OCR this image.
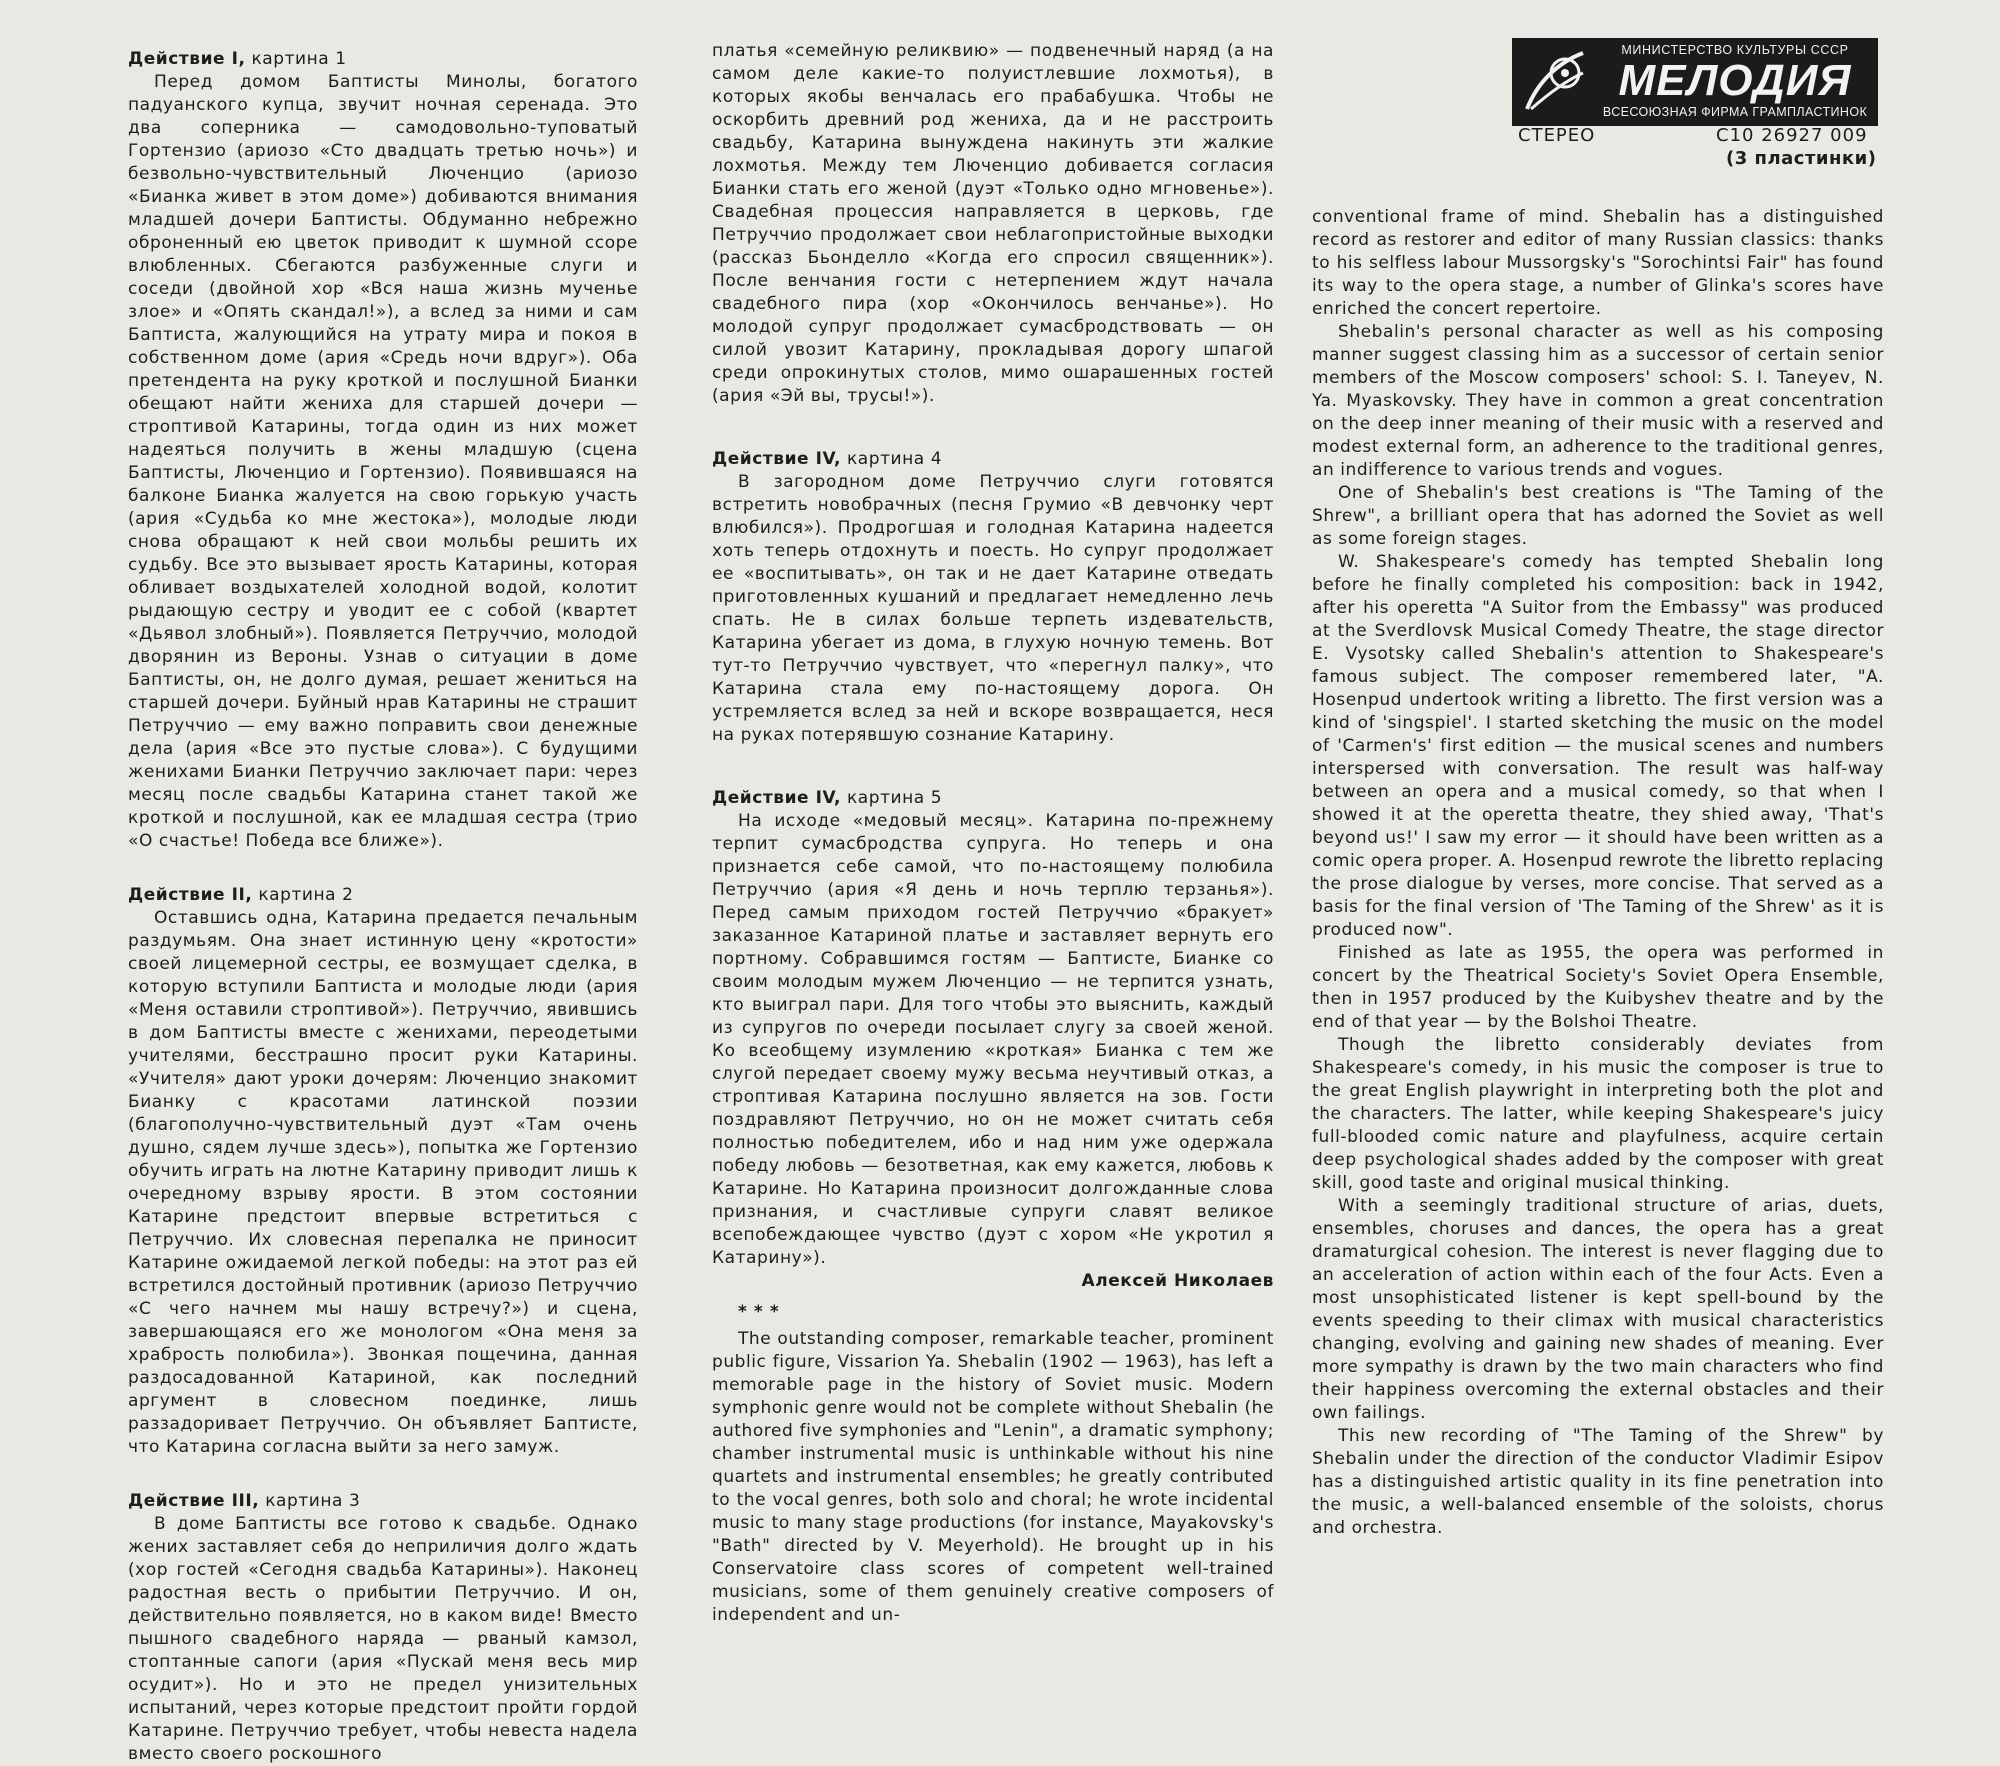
Действие I, картина 1

Перед домом Баптисты Минолы, богатого падуанского купца, звучит ночная серенада. Это два соперника — самодовольно-туповатый Гортензио (ариозо «Сто двадцать третью ночь») и безвольно-чувствительный Люченцио (ариозо «Бианка живет в этом доме») добиваются внимания младшей дочери Баптисты. Обдуманно небрежно оброненный ею цветок приводит к шумной ссоре влюбленных. Сбегаются разбуженные слуги и соседи (двойной хор «Вся наша жизнь мученье злое» и «Опять скандал!»), а вслед за ними и сам Баптиста, жалующийся на утрату мира и покоя в собственном доме (ария «Средь ночи вдруг»). Оба претендента на руку кроткой и послушной Бианки обещают найти жениха для старшей дочери — строптивой Катарины, тогда один из них может надеяться получить в жены младшую (сцена Баптисты, Люченцио и Гортензио). Появившаяся на балконе Бианка жалуется на свою горькую участь (ария «Судьба ко мне жестока»), молодые люди снова обращают к ней свои мольбы решить их судьбу. Все это вызывает ярость Катарины, которая обливает воздыхателей холодной водой, колотит рыдающую сестру и уводит ее с собой (квартет «Дьявол злобный»). Появляется Петруччио, молодой дворянин из Вероны. Узнав о ситуации в доме Баптисты, он, не долго думая, решает жениться на старшей дочери. Буйный нрав Катарины не страшит Петруччио — ему важно поправить свои денежные дела (ария «Все это пустые слова»). С будущими женихами Бианки Петруччио заключает пари: через месяц после свадьбы Катарина станет такой же кроткой и послушной, как ее младшая сестра (трио «О счастье! Победа все ближе»).

Действие II, картина 2

Оставшись одна, Катарина предается печальным раздумьям. Она знает истинную цену «кротости» своей лицемерной сестры, ее возмущает сделка, в которую вступили Баптиста и молодые люди (ария «Меня оставили строптивой»). Петруччио, явившись в дом Баптисты вместе с женихами, переодетыми учителями, бесстрашно просит руки Катарины. «Учителя» дают уроки дочерям: Люченцио знакомит Бианку с красотами латинской поэзии (благополучно-чувствительный дуэт «Там очень душно, сядем лучше здесь»), попытка же Гортензио обучить играть на лютне Катарину приводит лишь к очередному взрыву ярости. В этом состоянии Катарине предстоит впервые встретиться с Петруччио. Их словесная перепалка не приносит Катарине ожидаемой легкой победы: на этот раз ей встретился достойный противник (ариозо Петруччио «С чего начнем мы нашу встречу?») и сцена, завершающаяся его же монологом «Она меня за храбрость полюбила»). Звонкая пощечина, данная раздосадованной Катариной, как последний аргумент в словесном поединке, лишь раззадоривает Петруччио. Он объявляет Баптисте, что Катарина согласна выйти за него замуж.

Действие III, картина 3

В доме Баптисты все готово к свадьбе. Однако жених заставляет себя до неприличия долго ждать (хор гостей «Сегодня свадьба Катарины»). Наконец радостная весть о прибытии Петруччио. И он, действительно появляется, но в каком виде! Вместо пышного свадебного наряда — рваный камзол, стоптанные сапоги (ария «Пускай меня весь мир осудит»). Но и это не предел унизительных испытаний, через которые предстоит пройти гордой Катарине. Петруччио требует, чтобы невеста надела вместо своего роскошного

платья «семейную реликвию» — подвенечный наряд (а на самом деле какие-то полуистлевшие лохмотья), в которых якобы венчалась его прабабушка. Чтобы не оскорбить древний род жениха, да и не расстроить свадьбу, Катарина вынуждена накинуть эти жалкие лохмотья. Между тем Люченцио добивается согласия Бианки стать его женой (дуэт «Только одно мгновенье»). Свадебная процессия направляется в церковь, где Петруччио продолжает свои неблагопристойные выходки (рассказ Бьонделло «Когда его спросил священник»). После венчания гости с нетерпением ждут начала свадебного пира (хор «Окончилось венчанье»). Но молодой супруг продолжает сумасбродствовать — он силой увозит Катарину, прокладывая дорогу шпагой среди опрокинутых столов, мимо ошарашенных гостей (ария «Эй вы, трусы!»).

Действие IV, картина 4

В загородном доме Петруччио слуги готовятся встретить новобрачных (песня Грумио «В девчонку черт влюбился»). Продрогшая и голодная Катарина надеется хоть теперь отдохнуть и поесть. Но супруг продолжает ее «воспитывать», он так и не дает Катарине отведать приготовленных кушаний и предлагает немедленно лечь спать. Не в силах больше терпеть издевательств, Катарина убегает из дома, в глухую ночную темень. Вот тут-то Петруччио чувствует, что «перегнул палку», что Катарина стала ему по-настоящему дорога. Он устремляется вслед за ней и вскоре возвращается, неся на руках потерявшую сознание Катарину.

Действие IV, картина 5

На исходе «медовый месяц». Катарина по-прежнему терпит сумасбродства супруга. Но теперь и она признается себе самой, что по-настоящему полюбила Петруччио (ария «Я день и ночь терплю терзанья»). Перед самым приходом гостей Петруччио «бракует» заказанное Катариной платье и заставляет вернуть его портному. Собравшимся гостям — Баптисте, Бианке со своим молодым мужем Люченцио — не терпится узнать, кто выиграл пари. Для того чтобы это выяснить, каждый из супругов по очереди посылает слугу за своей женой. Ко всеобщему изумлению «кроткая» Бианка с тем же слугой передает своему мужу весьма неучтивый отказ, а строптивая Катарина послушно является на зов. Гости поздравляют Петруччио, но он не может считать себя полностью победителем, ибо и над ним уже одержала победу любовь — безответная, как ему кажется, любовь к Катарине. Но Катарина произносит долгожданные слова признания, и счастливые супруги славят великое всепобеждающее чувство (дуэт с хором «Не укротил я Катарину»).

Алексей Николаев

* * *

The outstanding composer, remarkable teacher, prominent public figure, Vissarion Ya. Shebalin (1902 — 1963), has left a memorable page in the history of Soviet music. Modern symphonic genre would not be complete without Shebalin (he authored five symphonies and "Lenin", a dramatic symphony; chamber instrumental music is unthinkable without his nine quartets and instrumental ensembles; he greatly contributed to the vocal genres, both solo and choral; he wrote incidental music to many stage productions (for instance, Mayakovsky's "Bath" directed by V. Meyerhold). He brought up in his Conservatoire class scores of competent well-trained musicians, some of them genuinely creative composers of independent and un-

МИНИСТЕРСТВО КУЛЬТУРЫ СССР
МЕЛОДИЯ
ВСЕСОЮЗНАЯ ФИРМА ГРАМПЛАСТИНОК
СТЕРЕО	С10 26927 009
(3 пластинки)

conventional frame of mind. Shebalin has a distinguished record as restorer and editor of many Russian classics: thanks to his selfless labour Mussorgsky's "Sorochintsi Fair" has found its way to the opera stage, a number of Glinka's scores have enriched the concert repertoire.

Shebalin's personal character as well as his composing manner suggest classing him as a successor of certain senior members of the Moscow composers' school: S. I. Taneyev, N. Ya. Myaskovsky. They have in common a great concentration on the deep inner meaning of their music with a reserved and modest external form, an adherence to the traditional genres, an indifference to various trends and vogues.

One of Shebalin's best creations is "The Taming of the Shrew", a brilliant opera that has adorned the Soviet as well as some foreign stages.

W. Shakespeare's comedy has tempted Shebalin long before he finally completed his composition: back in 1942, after his operetta "A Suitor from the Embassy" was produced at the Sverdlovsk Musical Comedy Theatre, the stage director E. Vysotsky called Shebalin's attention to Shakespeare's famous subject. The composer remembered later, "A. Hosenpud undertook writing a libretto. The first version was a kind of 'singspiel'. I started sketching the music on the model of 'Carmen's' first edition — the musical scenes and numbers interspersed with conversation. The result was half-way between an opera and a musical comedy, so that when I showed it at the operetta theatre, they shied away, 'That's beyond us!' I saw my error — it should have been written as a comic opera proper. A. Hosenpud rewrote the libretto replacing the prose dialogue by verses, more concise. That served as a basis for the final version of 'The Taming of the Shrew' as it is produced now".

Finished as late as 1955, the opera was performed in concert by the Theatrical Society's Soviet Opera Ensemble, then in 1957 produced by the Kuibyshev theatre and by the end of that year — by the Bolshoi Theatre.

Though the libretto considerably deviates from Shakespeare's comedy, in his music the composer is true to the great English playwright in interpreting both the plot and the characters. The latter, while keeping Shakespeare's juicy full-blooded comic nature and playfulness, acquire certain deep psychological shades added by the composer with great skill, good taste and original musical thinking.

With a seemingly traditional structure of arias, duets, ensembles, choruses and dances, the opera has a great dramaturgical cohesion. The interest is never flagging due to an acceleration of action within each of the four Acts. Even a most unsophisticated listener is kept spell-bound by the events speeding to their climax with musical characteristics changing, evolving and gaining new shades of meaning. Ever more sympathy is drawn by the two main characters who find their happiness overcoming the external obstacles and their own failings.

This new recording of "The Taming of the Shrew" by Shebalin under the direction of the conductor Vladimir Esipov has a distinguished artistic quality in its fine penetration into the music, a well-balanced ensemble of the soloists, chorus and orchestra.
